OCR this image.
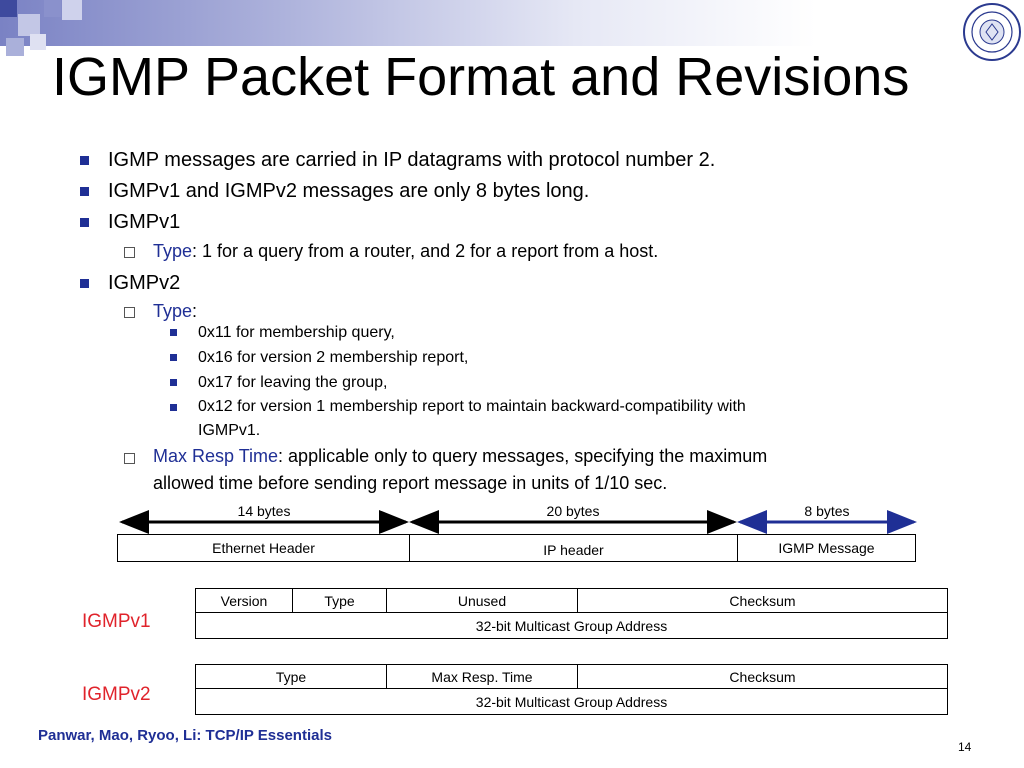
IGMP Packet Format and Revisions
IGMP messages are carried in IP datagrams with protocol number 2.
IGMPv1 and IGMPv2 messages are only 8 bytes long.
IGMPv1
Type: 1 for a query from a router, and 2 for a report from a host.
IGMPv2
Type:
0x11 for membership query,
0x16 for version 2 membership report,
0x17 for leaving the group,
0x12 for version 1 membership report to maintain backward-compatibility with
IGMPv1.
Max Resp Time: applicable only to query messages, specifying the maximum
allowed time before sending report message in units of 1/10 sec.
14 bytes	20 bytes	8 bytes
Ethernet Header	IP header	IGMP Message
IGMPv1
Version	Type	Unused	Checksum
32-bit Multicast Group Address
IGMPv2
Type	Max Resp. Time	Checksum
32-bit Multicast Group Address
Panwar, Mao, Ryoo, Li: TCP/IP Essentials
14
